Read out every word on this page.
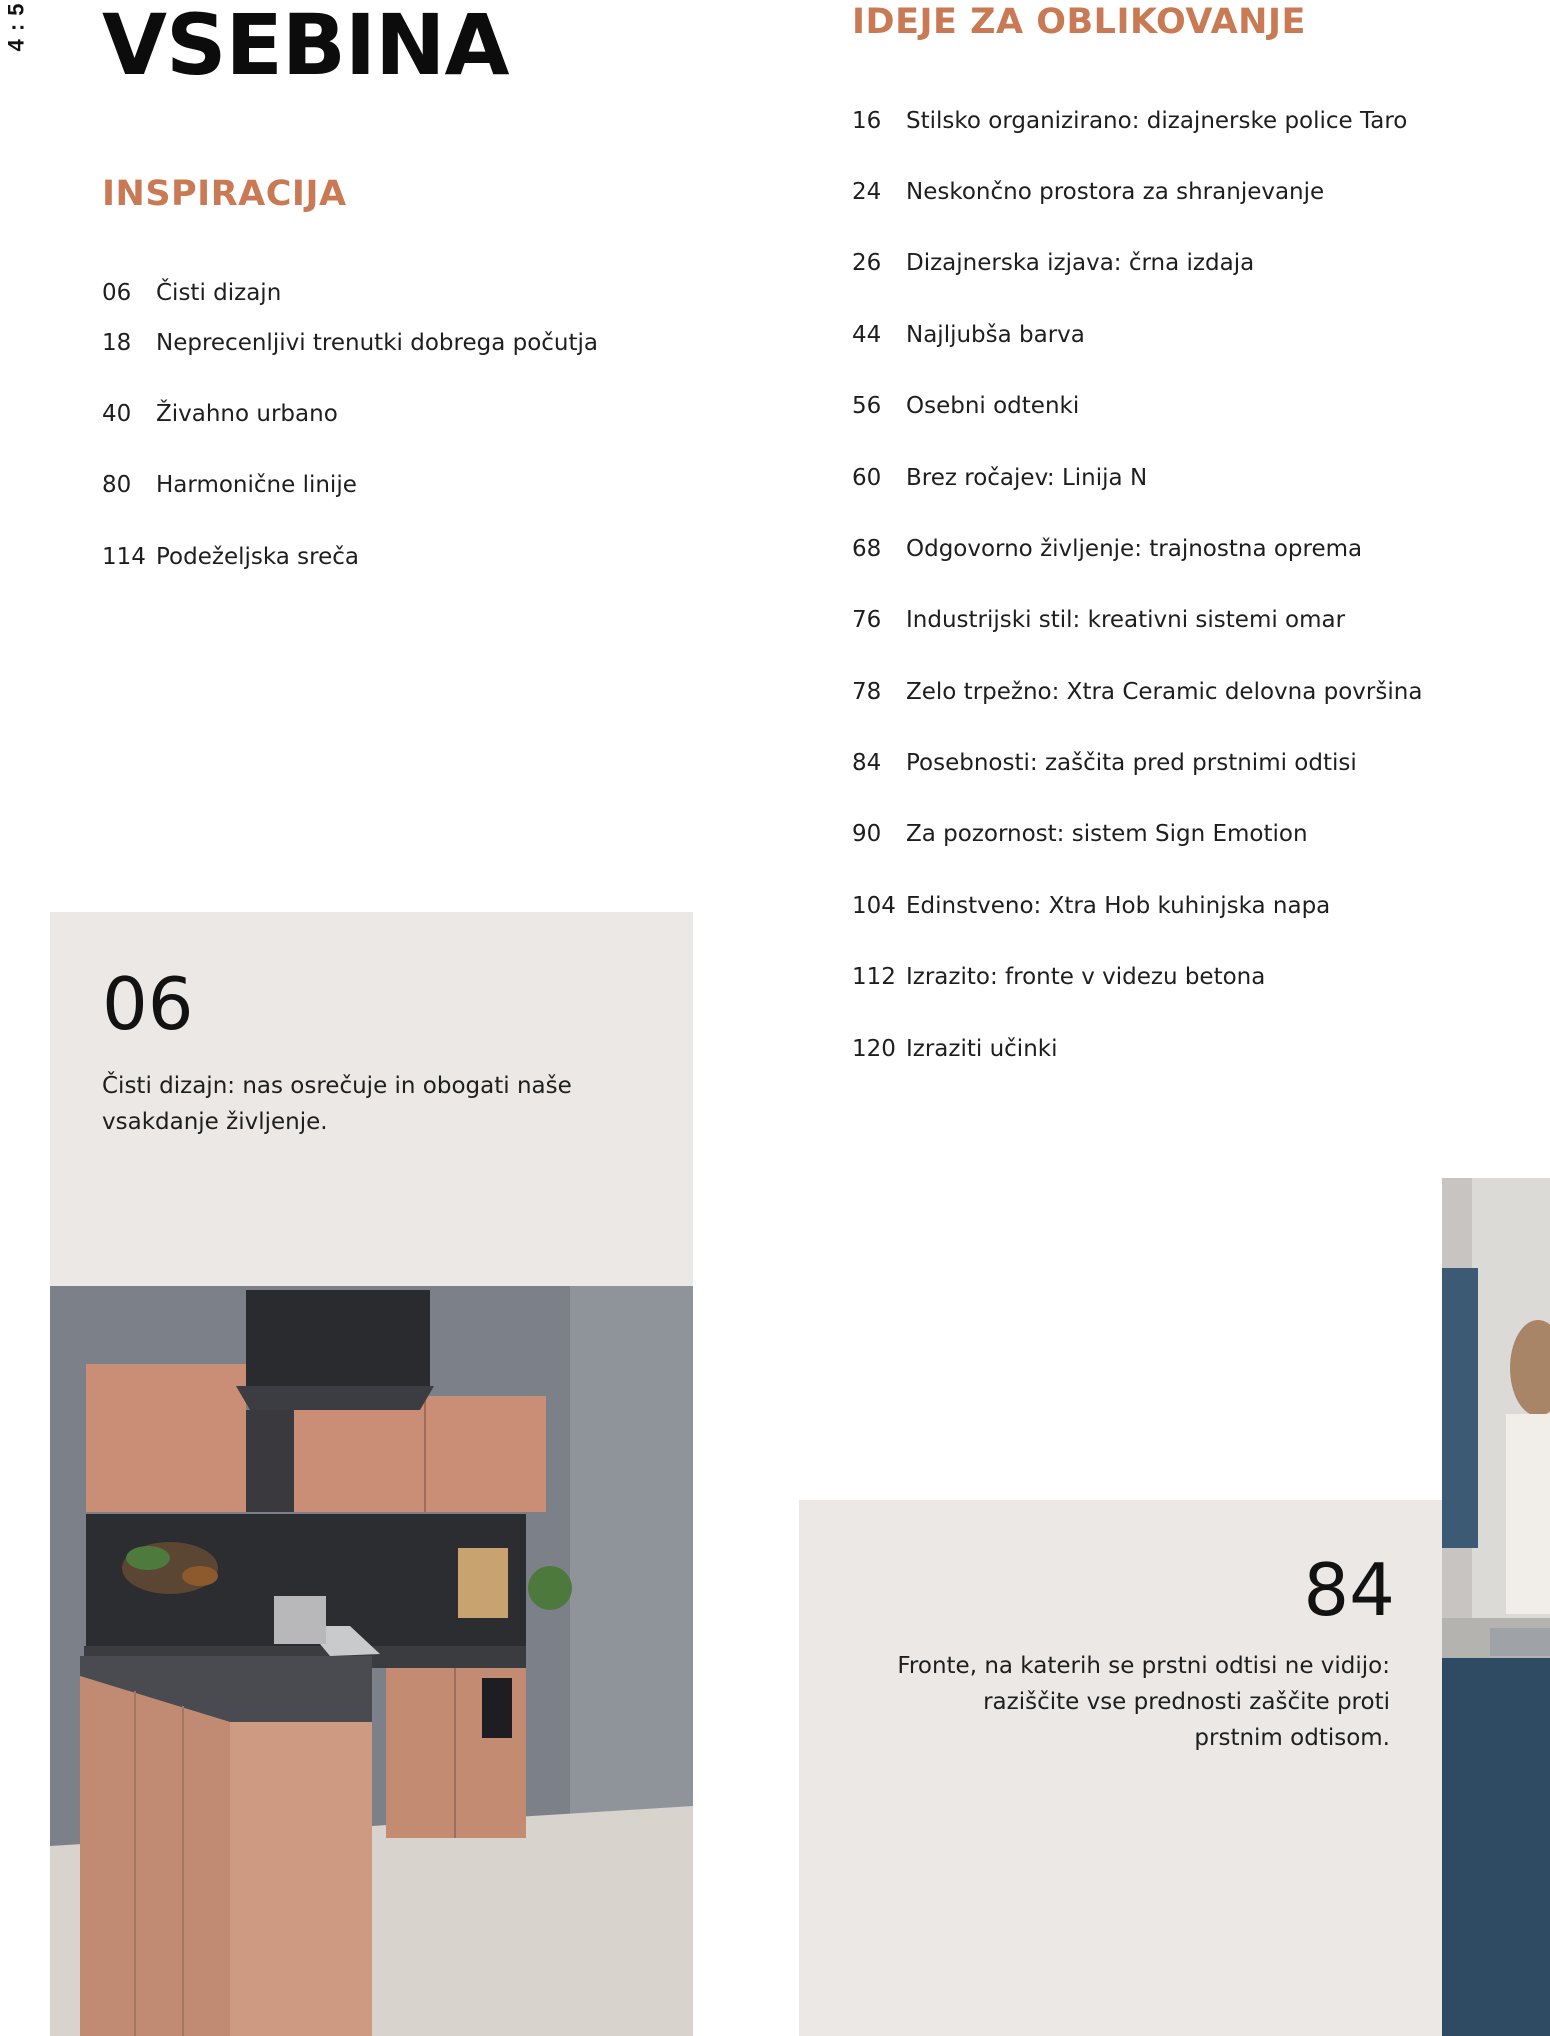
4 : 5 VSEBINA
INSPIRACIJA
06	Čisti dizajn
18	Neprecenljivi trenutki dobrega počutja
40	Živahno urbano
80	Harmonične linije
114 Podeželjska sreča
IDEJE ZA OBLIKOVANJE
16	Stilsko organizirano: dizajnerske police Taro
24	Neskončno prostora za shranjevanje
26	Dizajnerska izjava: črna izdaja
44	Najljubša barva
56	Osebni odtenki
60	Brez ročajev: Linija N
68	Odgovorno življenje: trajnostna oprema
76	Industrijski stil: kreativni sistemi omar
78	Zelo trpežno: Xtra Ceramic delovna površina
84	Posebnosti: zaščita pred prstnimi odtisi
90	Za pozornost: sistem Sign Emotion
104 Edinstveno: Xtra Hob kuhinjska napa
112 Izrazito: fronte v videzu betona
120 Izraziti učinki
06

Čisti dizajn: nas osrečuje in obogati naše vsakdanje življenje.

84

Fronte, na katerih se prstni odtisi ne vidijo: raziščite vse prednosti zaščite proti prstnim odtisom.
